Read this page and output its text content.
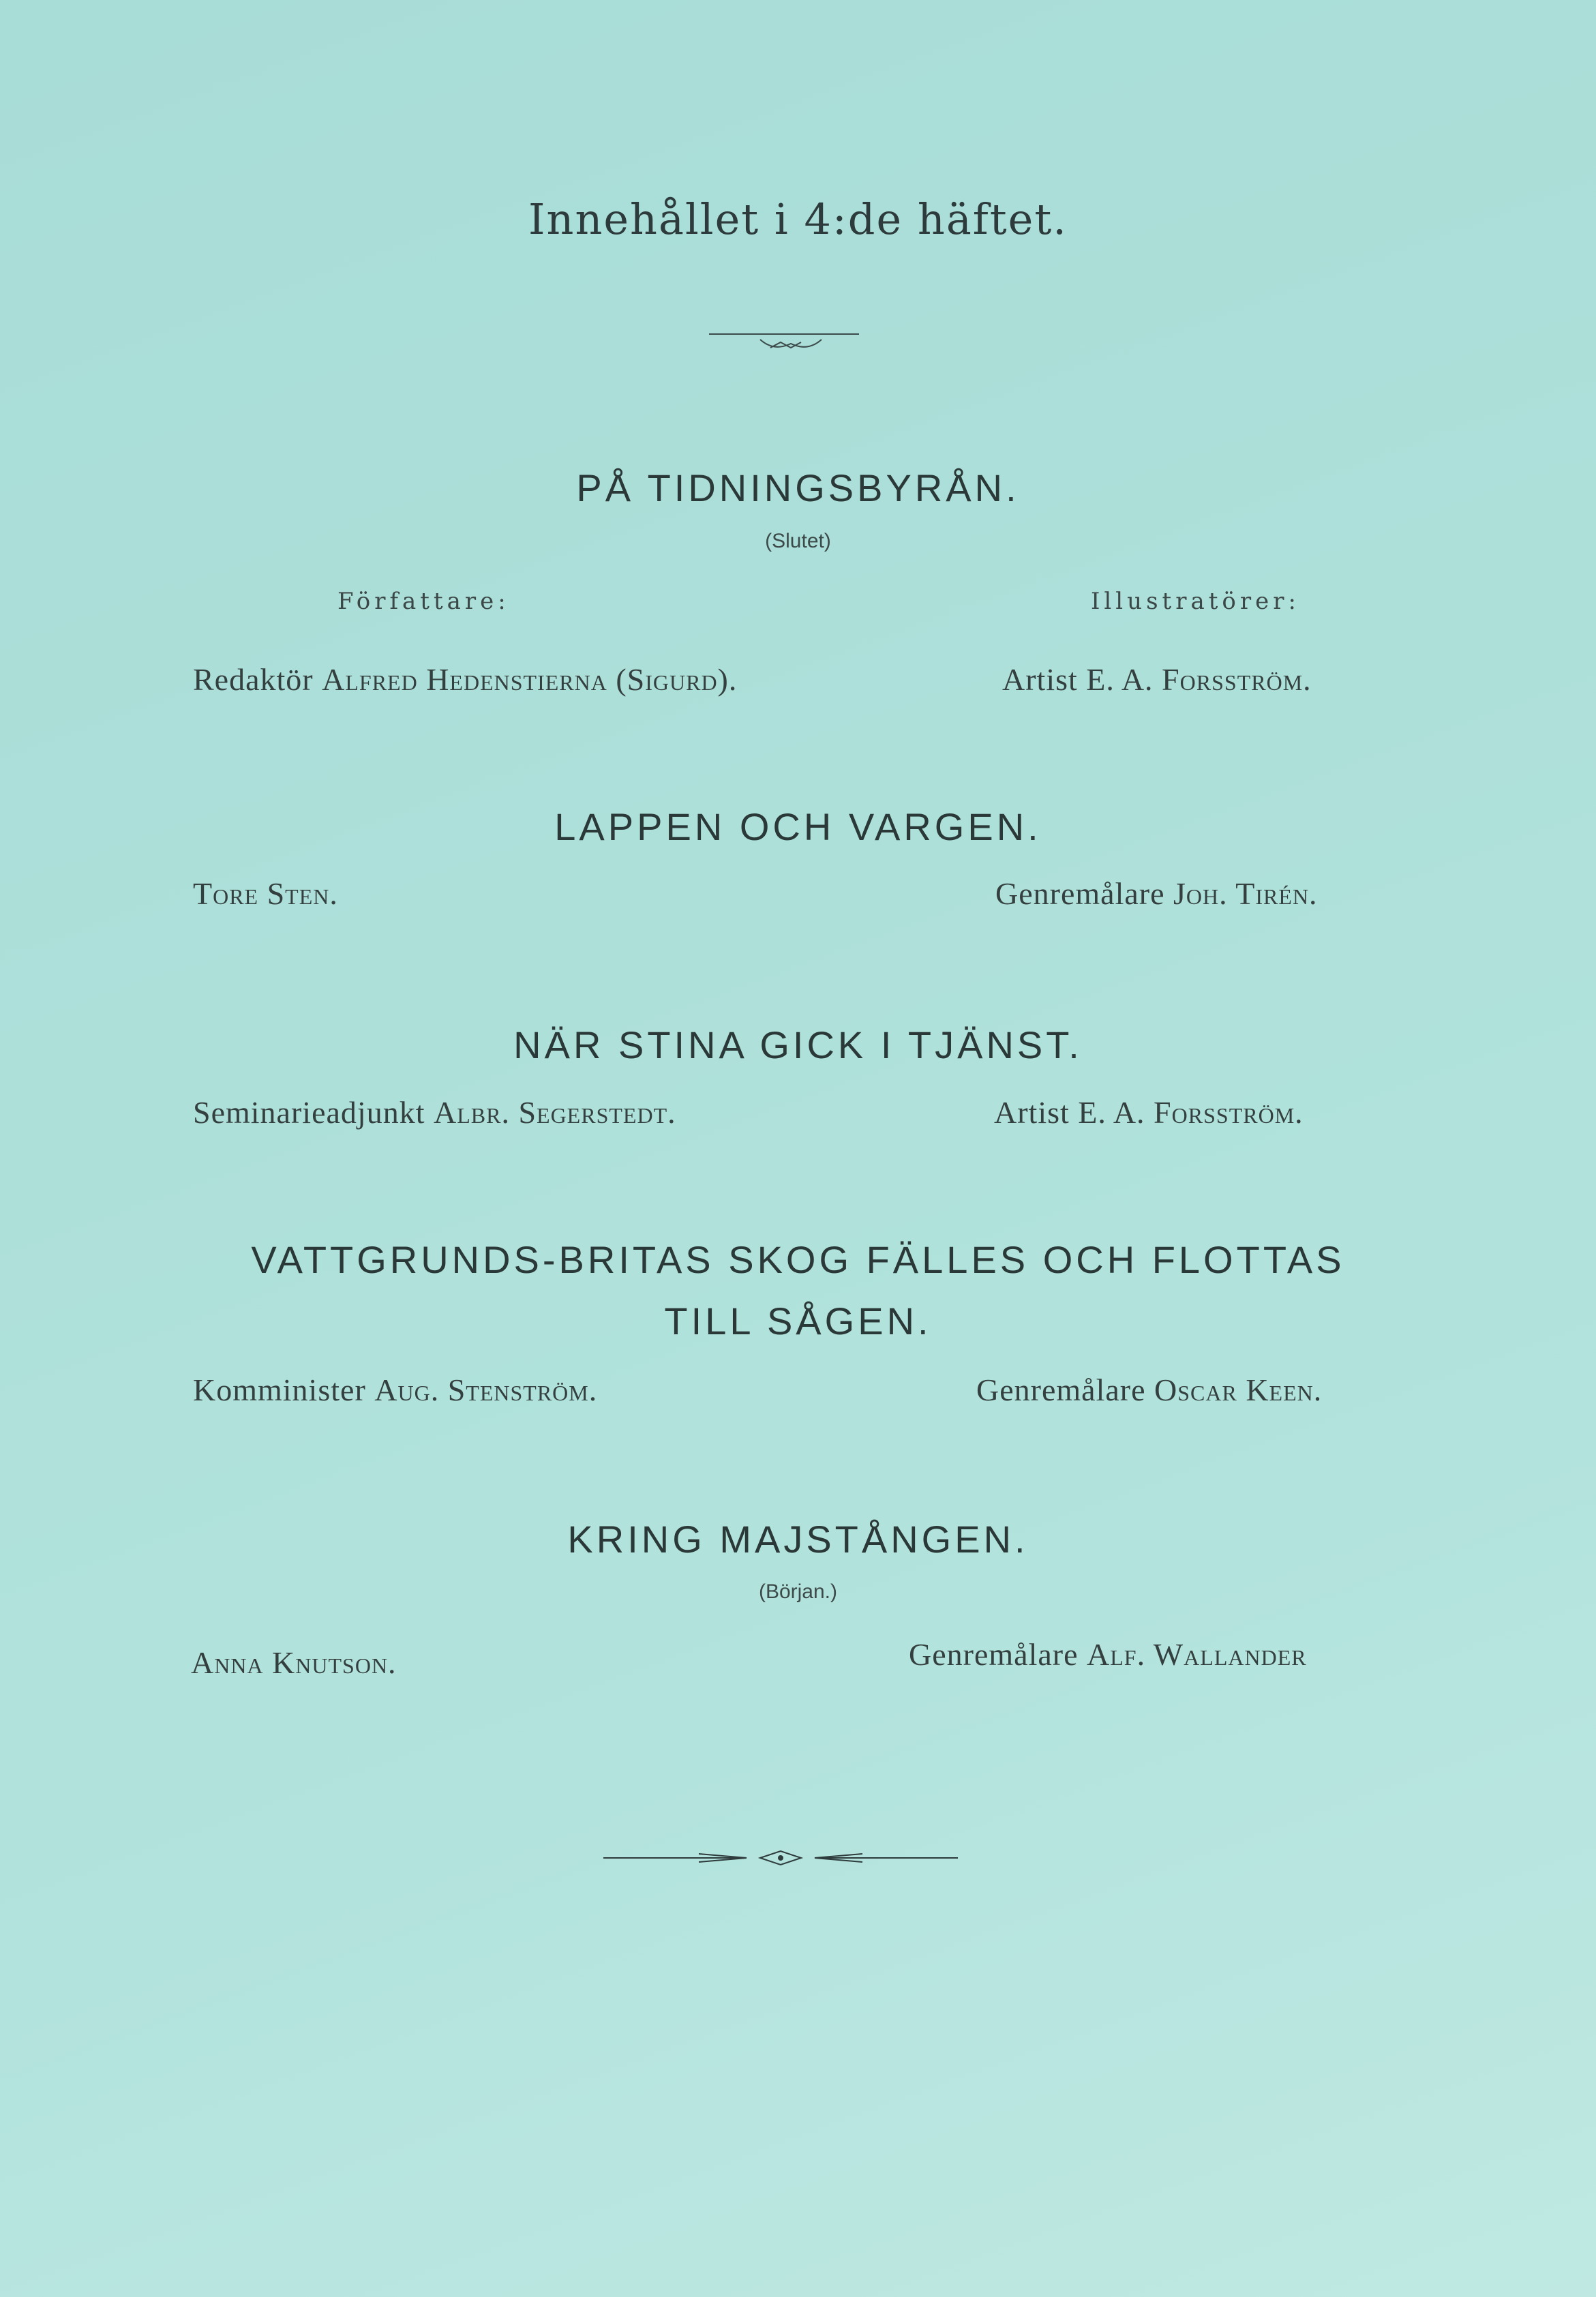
Innehållet i 4:de häftet.
PÅ TIDNINGSBYRÅN.
(Slutet)
Författare:	Illustratörer:
Redaktör Alfred Hedenstierna (Sigurd).	Artist E. A. Forsström.
LAPPEN OCH VARGEN.
Tore Sten.	Genremålare Joh. Tirén.
NÄR STINA GICK I TJÄNST.
Seminarieadjunkt Albr. Segerstedt.	Artist E. A. Forsström.
VATTGRUNDS-BRITAS SKOG FÄLLES OCH FLOTTAS
TILL SÅGEN.
Komminister Aug. Stenström.	Genremålare Oscar Keen.
KRING MAJSTÅNGEN.
(Början.)
Anna Knutson.	Genremålare Alf. Wallander
